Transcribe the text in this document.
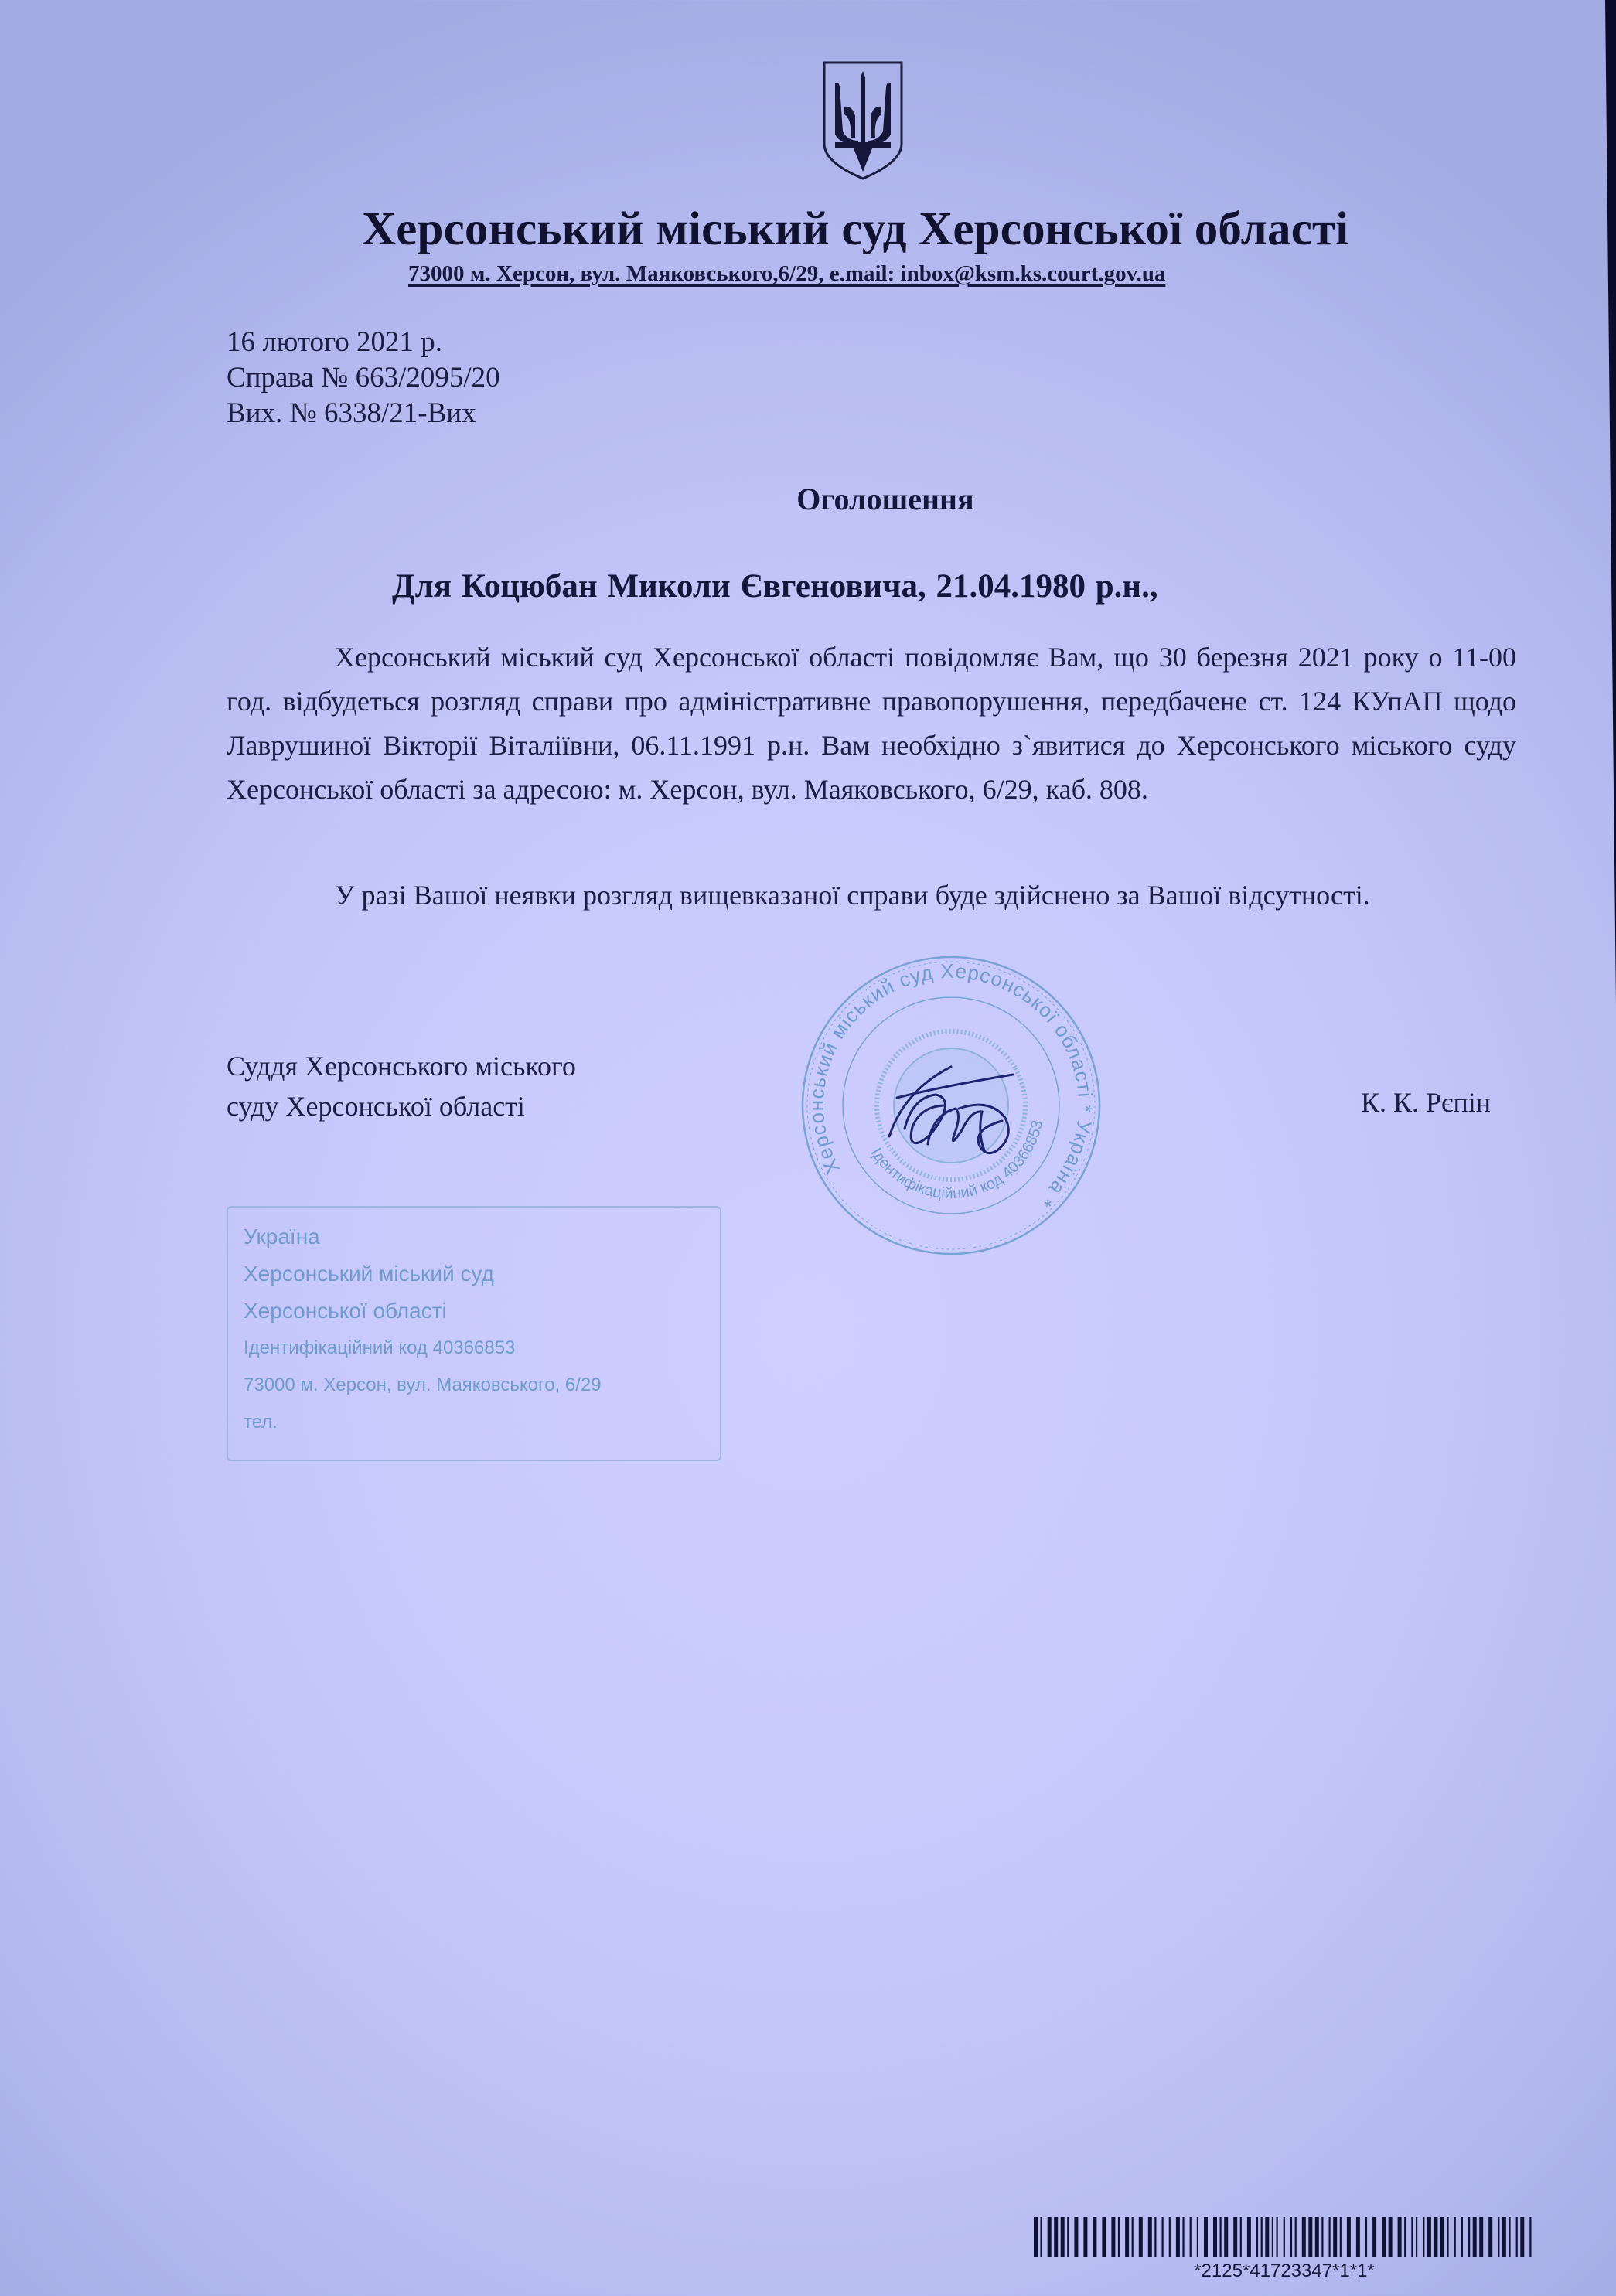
Херсонський міський суд Херсонської області
73000 м. Херсон, вул. Маяковського,6/29, e.mail: inbox@ksm.ks.court.gov.ua
16 лютого 2021 р.
Справа № 663/2095/20
Вих. № 6338/21-Вих
Оголошення
Для Коцюбан Миколи Євгеновича, 21.04.1980 р.н.,

Херсонський міський суд Херсонської області повідомляє Вам, що 30 березня 2021 року о 11-00 год. відбудеться розгляд справи про адміністративне правопорушення, передбачене ст. 124 КУпАП щодо Лаврушиної Вікторії Віталіївни, 06.11.1991 р.н. Вам необхідно з`явитися до Херсонського міського суду Херсонської області за адресою: м. Херсон, вул. Маяковського, 6/29, каб. 808.

У разі Вашої неявки розгляд вищевказаної справи буде здійснено за Вашої відсутності.

Суддя Херсонського міського
суду Херсонської області	К. К. Рєпін
Україна
Херсонський міський суд
Херсонської області
Ідентифікаційний код 40366853
73000 м. Херсон, вул. Маяковського, 6/29
тел.
Херсонський міський суд Херсонської області * Україна *
Ідентифікаційний код 40366853
*2125*41723347*1*1*
